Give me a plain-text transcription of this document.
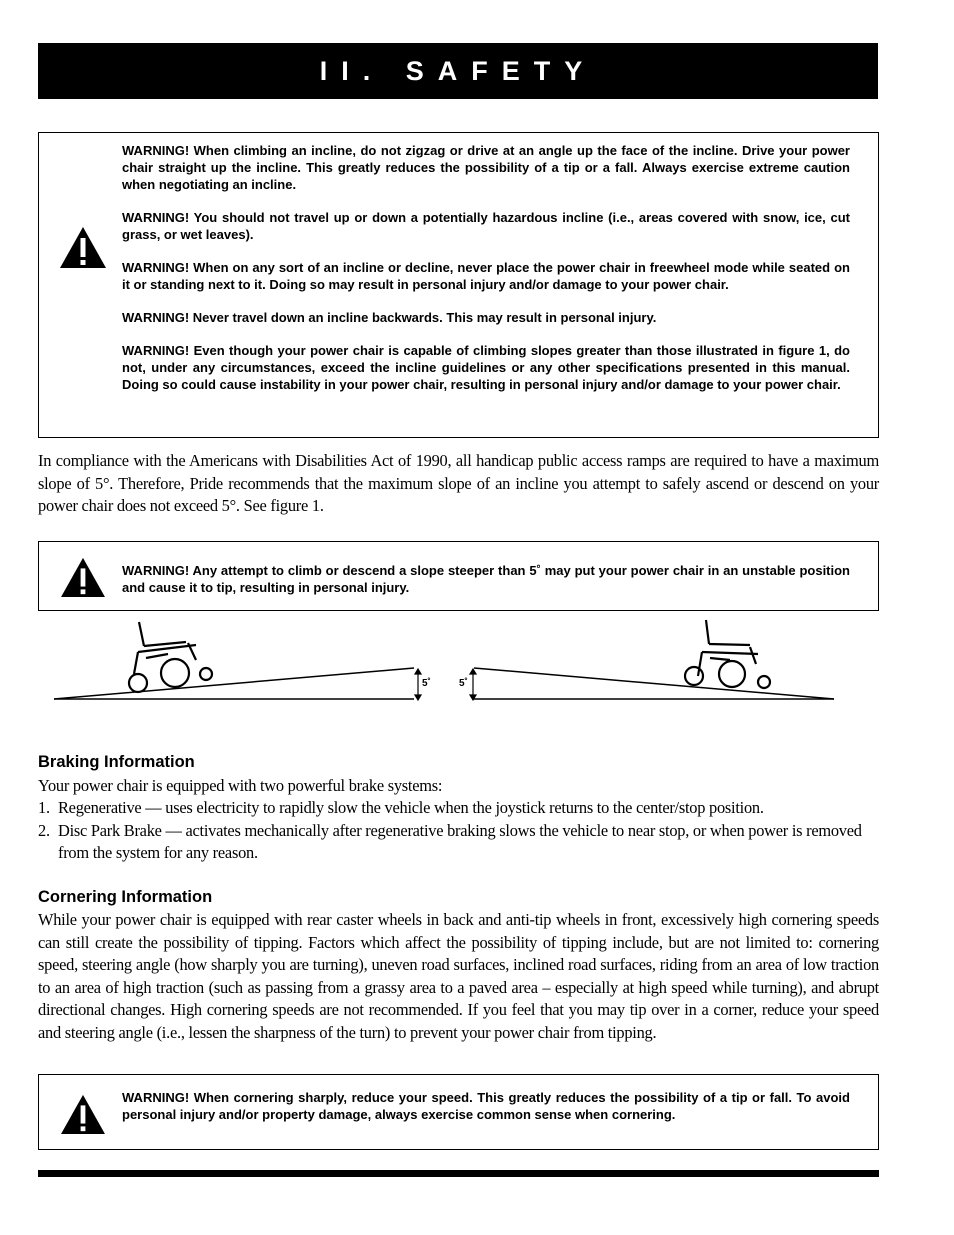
II. SAFETY

WARNING! When climbing an incline, do not zigzag or drive at an angle up the face of the incline. Drive your power chair straight up the incline. This greatly reduces the possibility of a tip or a fall. Always exercise extreme caution when negotiating an incline.

WARNING! You should not travel up or down a potentially hazardous incline (i.e., areas covered with snow, ice, cut grass, or wet leaves).

WARNING! When on any sort of an incline or decline, never place the power chair in freewheel mode while seated on it or standing next to it. Doing so may result in personal injury and/or damage to your power chair.

WARNING! Never travel down an incline backwards. This may result in personal injury.

WARNING! Even though your power chair is capable of climbing slopes greater than those illustrated in figure 1, do not, under any circumstances, exceed the incline guidelines or any other specifications presented in this manual. Doing so could cause instability in your power chair, resulting in personal injury and/or damage to your power chair.

In compliance with the Americans with Disabilities Act of 1990, all handicap public access ramps are required to have a maximum slope of 5°. Therefore, Pride recommends that the maximum slope of an incline you attempt to safely ascend or descend on your power chair does not exceed 5°. See figure 1.

WARNING! Any attempt to climb or descend a slope steeper than 5˚ may put your power chair in an unstable position and cause it to tip, resulting in personal injury.

5˚	5˚
Braking Information

Your power chair is equipped with two powerful brake systems:

1. Regenerative — uses electricity to rapidly slow the vehicle when the joystick returns to the center/stop position.
2. Disc Park Brake — activates mechanically after regenerative braking slows the vehicle to near stop, or when power is removed from the system for any reason.
Cornering Information

While your power chair is equipped with rear caster wheels in back and anti-tip wheels in front, excessively high cornering speeds can still create the possibility of tipping. Factors which affect the possibility of tipping include, but are not limited to: cornering speed, steering angle (how sharply you are turning), uneven road surfaces, inclined road surfaces, riding from an area of low traction to an area of high traction (such as passing from a grassy area to a paved area – especially at high speed while turning), and abrupt directional changes. High cornering speeds are not recommended. If you feel that you may tip over in a corner, reduce your speed and steering angle (i.e., lessen the sharpness of the turn) to prevent your power chair from tipping.

WARNING! When cornering sharply, reduce your speed. This greatly reduces the possibility of a tip or fall. To avoid personal injury and/or property damage, always exercise common sense when cornering.
